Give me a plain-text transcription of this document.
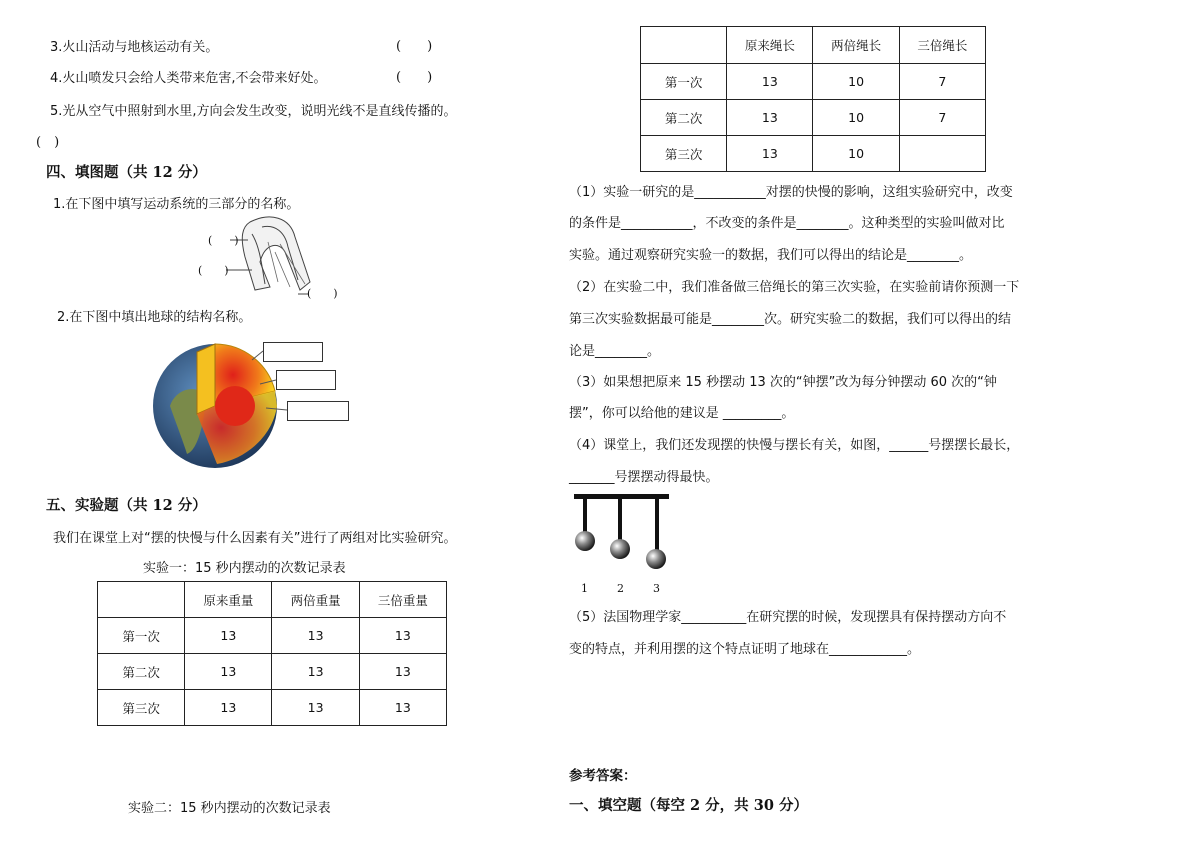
3.火山活动与地核运动有关。	(　　)
4.火山喷发只会给人类带来危害,不会带来好处。	(　　)
5.光从空气中照射到水里,方向会发生改变，说明光线不是直线传播的。
(　)
四、填图题（共 12 分）
1.在下图中填写运动系统的三部分的名称。
(　　)
(　　)
(　　)
2.在下图中填出地球的结构名称。
五、实验题（共 12 分）
我们在课堂上对“摆的快慢与什么因素有关”进行了两组对比实验研究。
实验一：15 秒内摆动的次数记录表
	原来重量	两倍重量	三倍重量
第一次	13	13	13
第二次	13	13	13
第三次	13	13	13
实验二：15 秒内摆动的次数记录表
	原来绳长	两倍绳长	三倍绳长
第一次	13	10	7
第二次	13	10	7
第三次	13	10	
（1）实验一研究的是___________对摆的快慢的影响，这组实验研究中，改变
的条件是___________，不改变的条件是________。这种类型的实验叫做对比
实验。通过观察研究实验一的数据，我们可以得出的结论是________。
（2）在实验二中，我们准备做三倍绳长的第三次实验，在实验前请你预测一下
第三次实验数据最可能是________次。研究实验二的数据，我们可以得出的结
论是________。
（3）如果想把原来 15 秒摆动 13 次的“钟摆”改为每分钟摆动 60 次的“钟
摆”，你可以给他的建议是 _________。
（4）课堂上，我们还发现摆的快慢与摆长有关，如图，______号摆摆长最长，
_______号摆摆动得最快。
1	2	3
（5）法国物理学家__________在研究摆的时候，发现摆具有保持摆动方向不
变的特点，并利用摆的这个特点证明了地球在____________。
参考答案：
一、填空题（每空 2 分，共 30 分）
